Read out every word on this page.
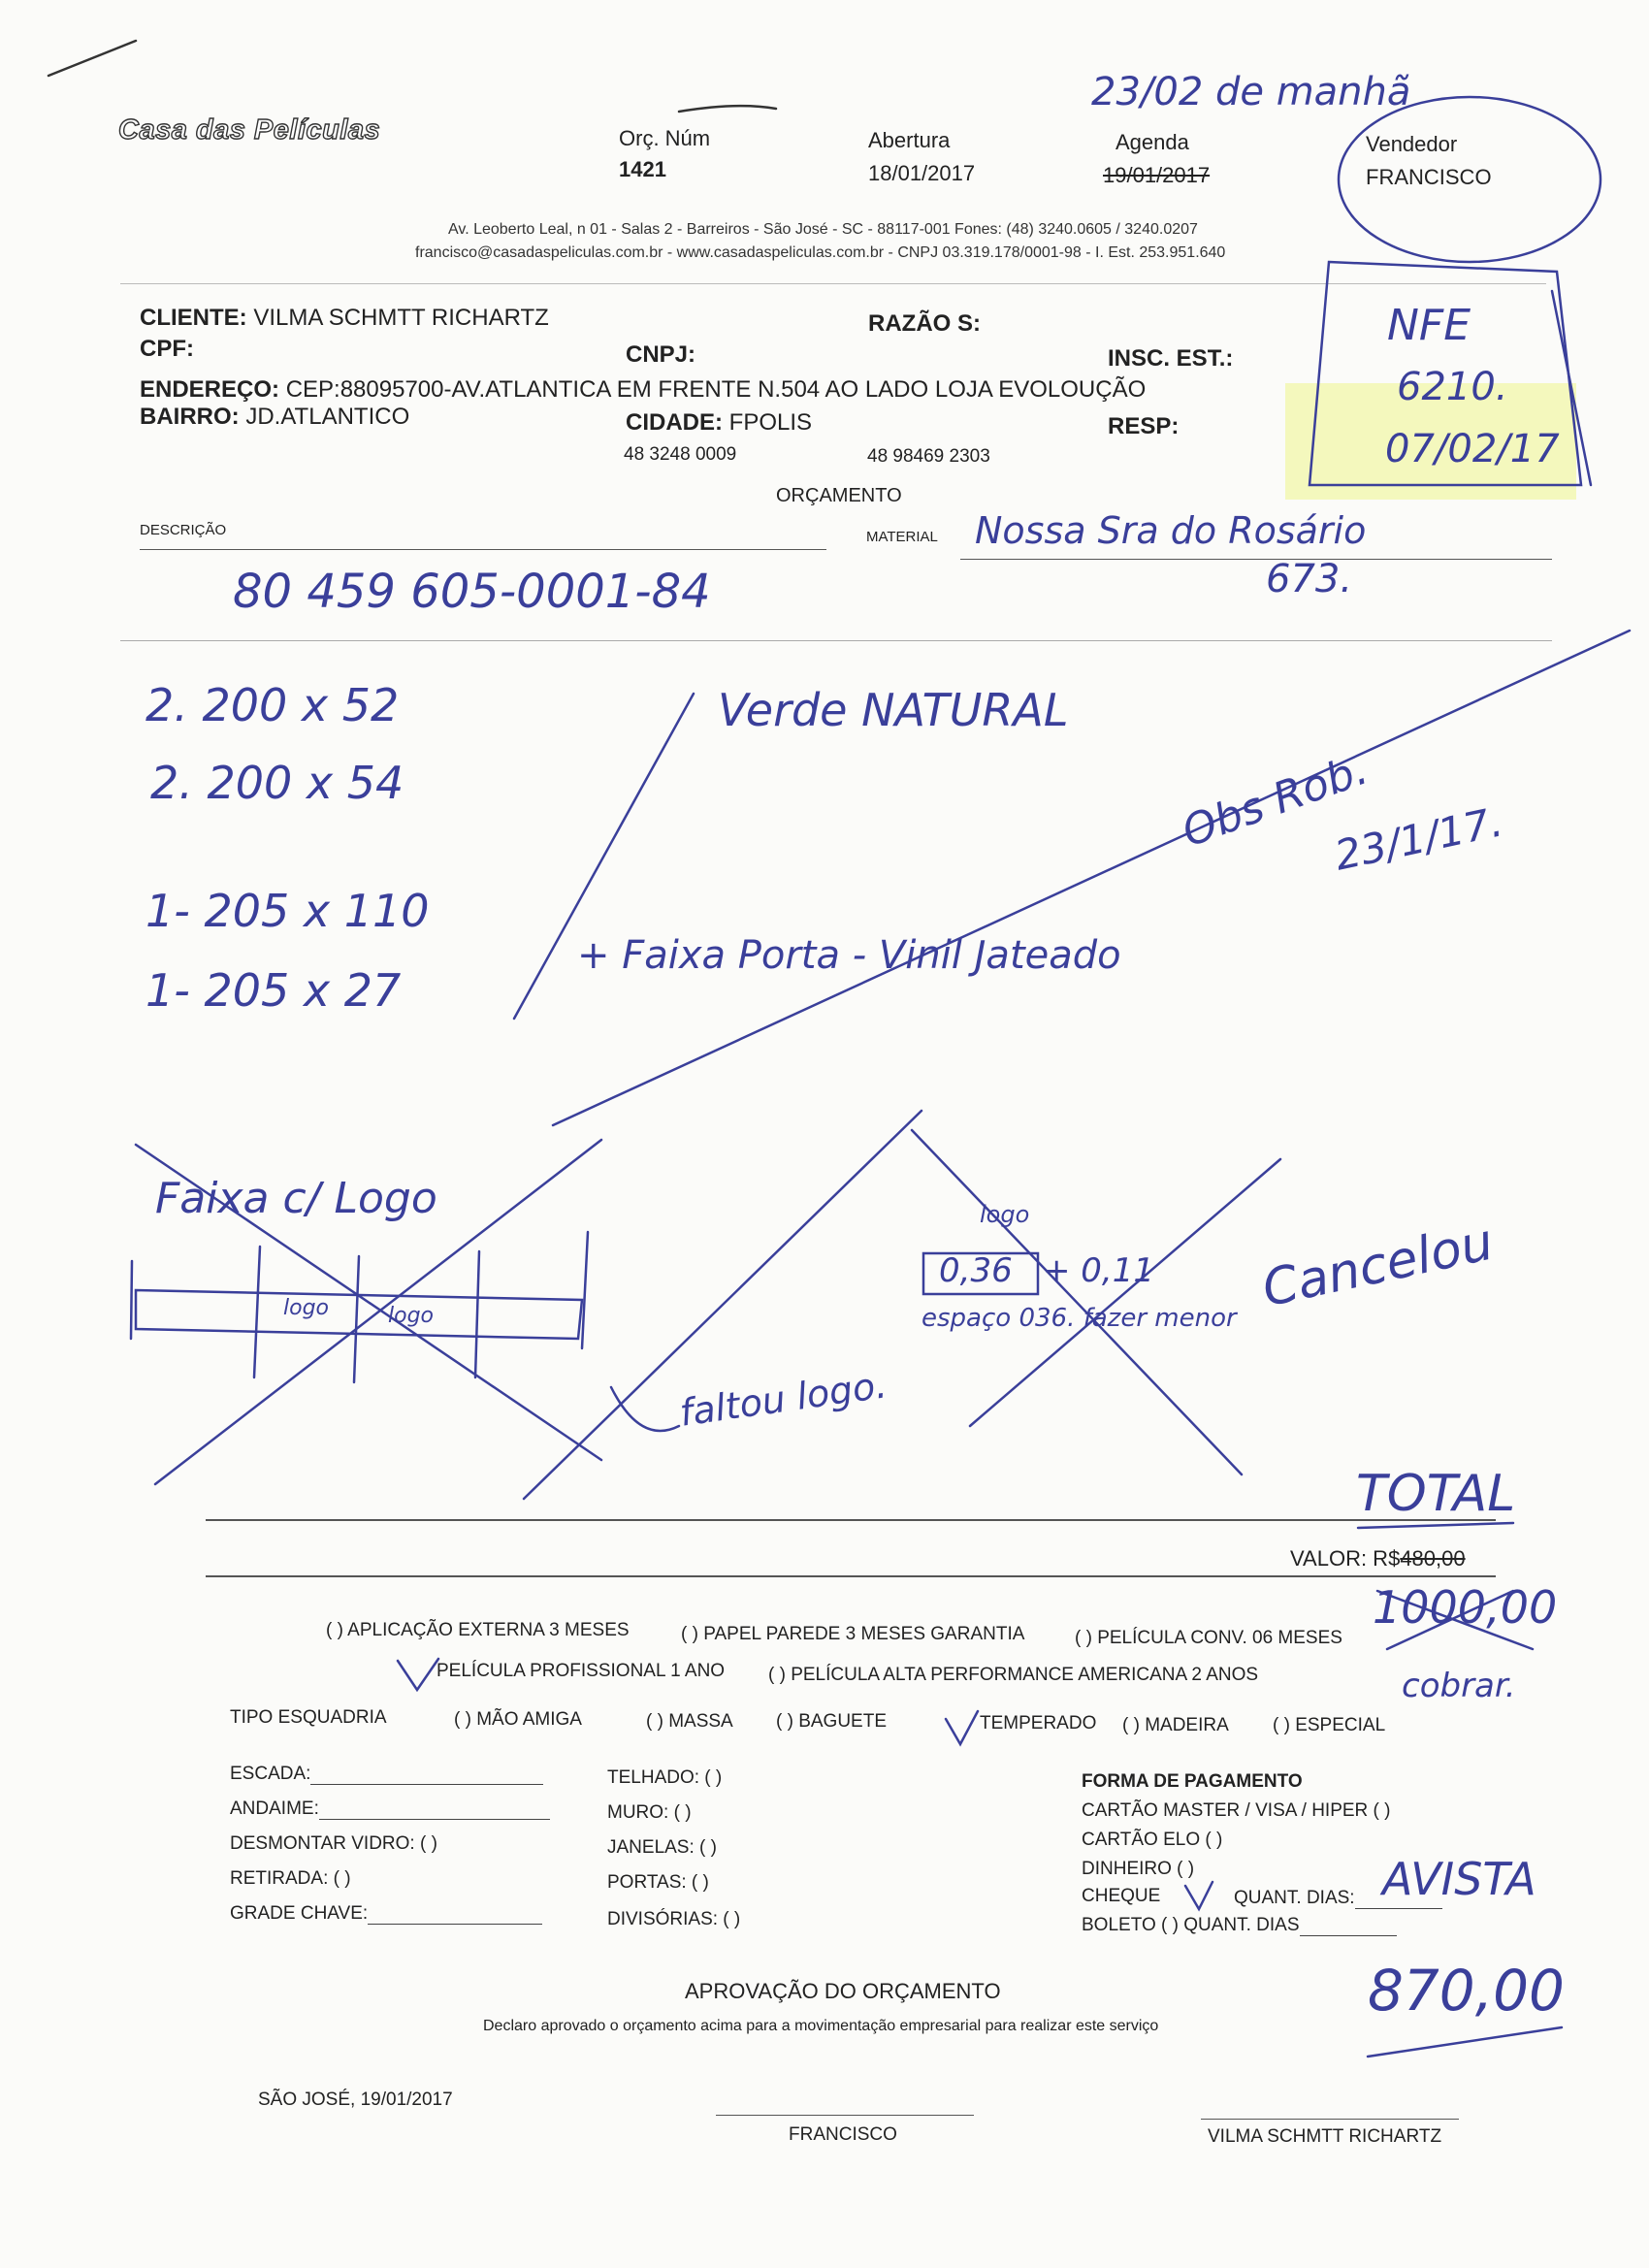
Casa das Películas	Orç. Núm
1421
Abertura
18/01/2017
Agenda
19/01/2017
Vendedor
FRANCISCO
Av. Leoberto Leal, n 01 - Salas 2 - Barreiros - São José - SC - 88117-001 Fones: (48) 3240.0605 / 3240.0207
francisco@casadaspeliculas.com.br - www.casadaspeliculas.com.br - CNPJ 03.319.178/0001-98 - I. Est. 253.951.640
CLIENTE: VILMA SCHMTT RICHARTZ	RAZÃO S:
CPF:	CNPJ:	INSC. EST.:
ENDEREÇO: CEP:88095700-AV.ATLANTICA EM FRENTE N.504 AO LADO LOJA EVOLOUÇÃO
BAIRRO: JD.ATLANTICO	CIDADE: FPOLIS	RESP:
48 3248 0009	48 98469 2303
ORÇAMENTO
DESCRIÇÃO	MATERIAL
VALOR: R$480,00
( ) APLICAÇÃO EXTERNA 3 MESES	( ) PAPEL PAREDE 3 MESES GARANTIA	( ) PELÍCULA CONV. 06 MESES
PELÍCULA PROFISSIONAL 1 ANO ( ) PELÍCULA ALTA PERFORMANCE AMERICANA 2 ANOS
TIPO ESQUADRIA	( ) MÃO AMIGA	( ) MASSA ( ) BAGUETE	TEMPERADO ( ) MADEIRA ( ) ESPECIAL
ESCADA:
ANDAIME:
DESMONTAR VIDRO: ( )
RETIRADA: ( )
GRADE CHAVE:
TELHADO: ( )
MURO: ( )
JANELAS: ( )
PORTAS: ( )
DIVISÓRIAS: ( )
FORMA DE PAGAMENTO
CARTÃO MASTER / VISA / HIPER ( )
CARTÃO ELO ( )
DINHEIRO ( )
CHEQUE	QUANT. DIAS:
BOLETO ( ) QUANT. DIAS
APROVAÇÃO DO ORÇAMENTO
Declaro aprovado o orçamento acima para a movimentação empresarial para realizar este serviço
SÃO JOSÉ, 19/01/2017
FRANCISCO	VILMA SCHMTT RICHARTZ
23/02 de manhã
NFE
6210.
07/02/17
Nossa Sra do Rosário
673.
80 459 605-0001-84
2. 200 x 52
2. 200 x 54
1- 205 x 110
1- 205 x 27
Verde NATURAL
Obs Rob.
23/1/17.
+ Faixa Porta - Vinil Jateado
Faixa c/ Logo
logo	logo
logo
0,36 + 0,11
espaço 036. fazer menor Cancelou
faltou logo.
TOTAL
1000,00
cobrar.
AVISTA
870,00
